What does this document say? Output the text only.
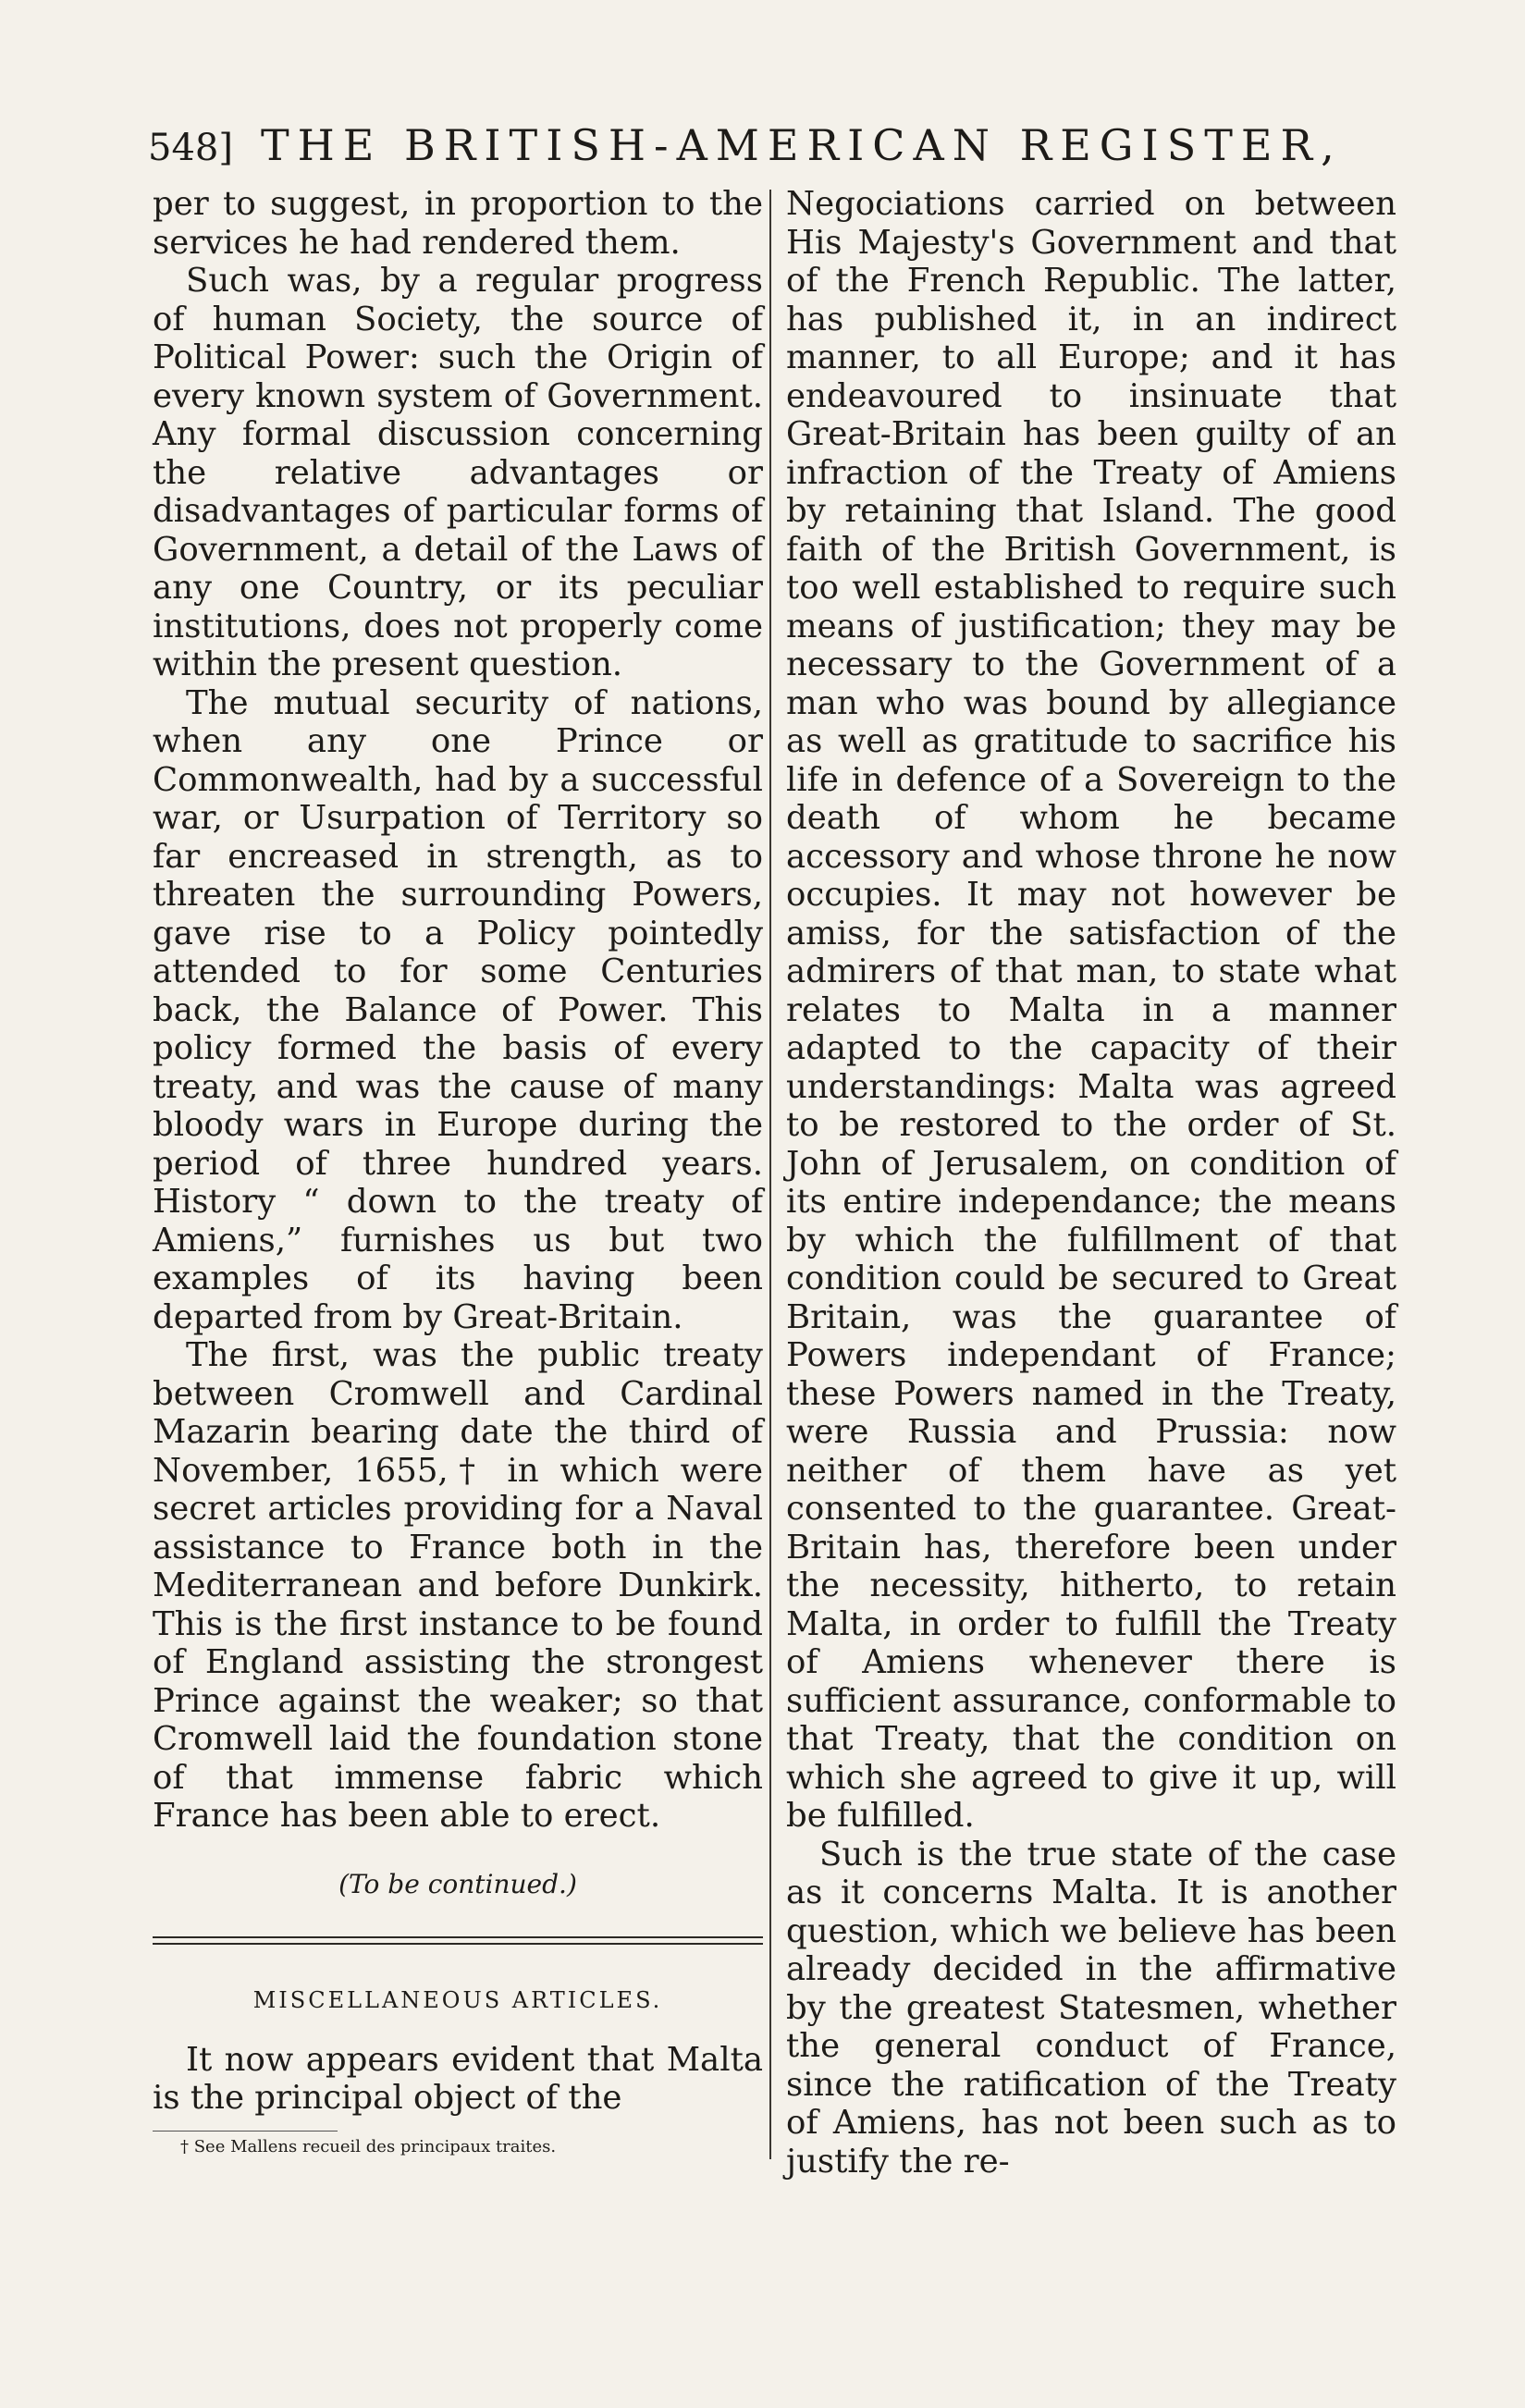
548] THE BRITISH-AMERICAN REGISTER,

per to suggest, in proportion to the services he had rendered them.

Such was, by a regular progress of human Society, the source of Political Power: such the Origin of every known system of Government. Any formal discussion concerning the relative advantages or disadvantages of particular forms of Government, a detail of the Laws of any one Country, or its peculiar institutions, does not properly come within the present question.

The mutual security of nations, when any one Prince or Commonwealth, had by a successful war, or Usurpation of Territory so far encreased in strength, as to threaten the surrounding Powers, gave rise to a Policy pointedly attended to for some Centuries back, the Balance of Power. This policy formed the basis of every treaty, and was the cause of many bloody wars in Europe during the period of three hundred years. History “ down to the treaty of Amiens,” furnishes us but two examples of its having been departed from by Great-Britain.

The first, was the public treaty between Cromwell and Cardinal Mazarin bearing date the third of November, 1655,† in which were secret articles providing for a Naval assistance to France both in the Mediterranean and before Dunkirk. This is the first instance to be found of England assisting the strongest Prince against the weaker; so that Cromwell laid the foundation stone of that immense fabric which France has been able to erect.

(To be continued.)
MISCELLANEOUS ARTICLES.

It now appears evident that Malta is the principal object of the

† See Mallens recueil des principaux traites.

Negociations carried on between His Majesty's Government and that of the French Republic. The latter, has published it, in an indirect manner, to all Europe; and it has endeavoured to insinuate that Great-Britain has been guilty of an infraction of the Treaty of Amiens by retaining that Island. The good faith of the British Government, is too well established to require such means of justification; they may be necessary to the Government of a man who was bound by allegiance as well as gratitude to sacrifice his life in defence of a Sovereign to the death of whom he became accessory and whose throne he now occupies. It may not however be amiss, for the satisfaction of the admirers of that man, to state what relates to Malta in a manner adapted to the capacity of their understandings: Malta was agreed to be restored to the order of St. John of Jerusalem, on condition of its entire independance; the means by which the fulfillment of that condition could be secured to Great Britain, was the guarantee of Powers independant of France; these Powers named in the Treaty, were Russia and Prussia: now neither of them have as yet consented to the guarantee. Great-Britain has, therefore been under the necessity, hitherto, to retain Malta, in order to fulfill the Treaty of Amiens whenever there is sufficient assurance, conformable to that Treaty, that the condition on which she agreed to give it up, will be fulfilled.

Such is the true state of the case as it concerns Malta. It is another question, which we believe has been already decided in the affirmative by the greatest Statesmen, whether the general conduct of France, since the ratification of the Treaty of Amiens, has not been such as to justify the re-
